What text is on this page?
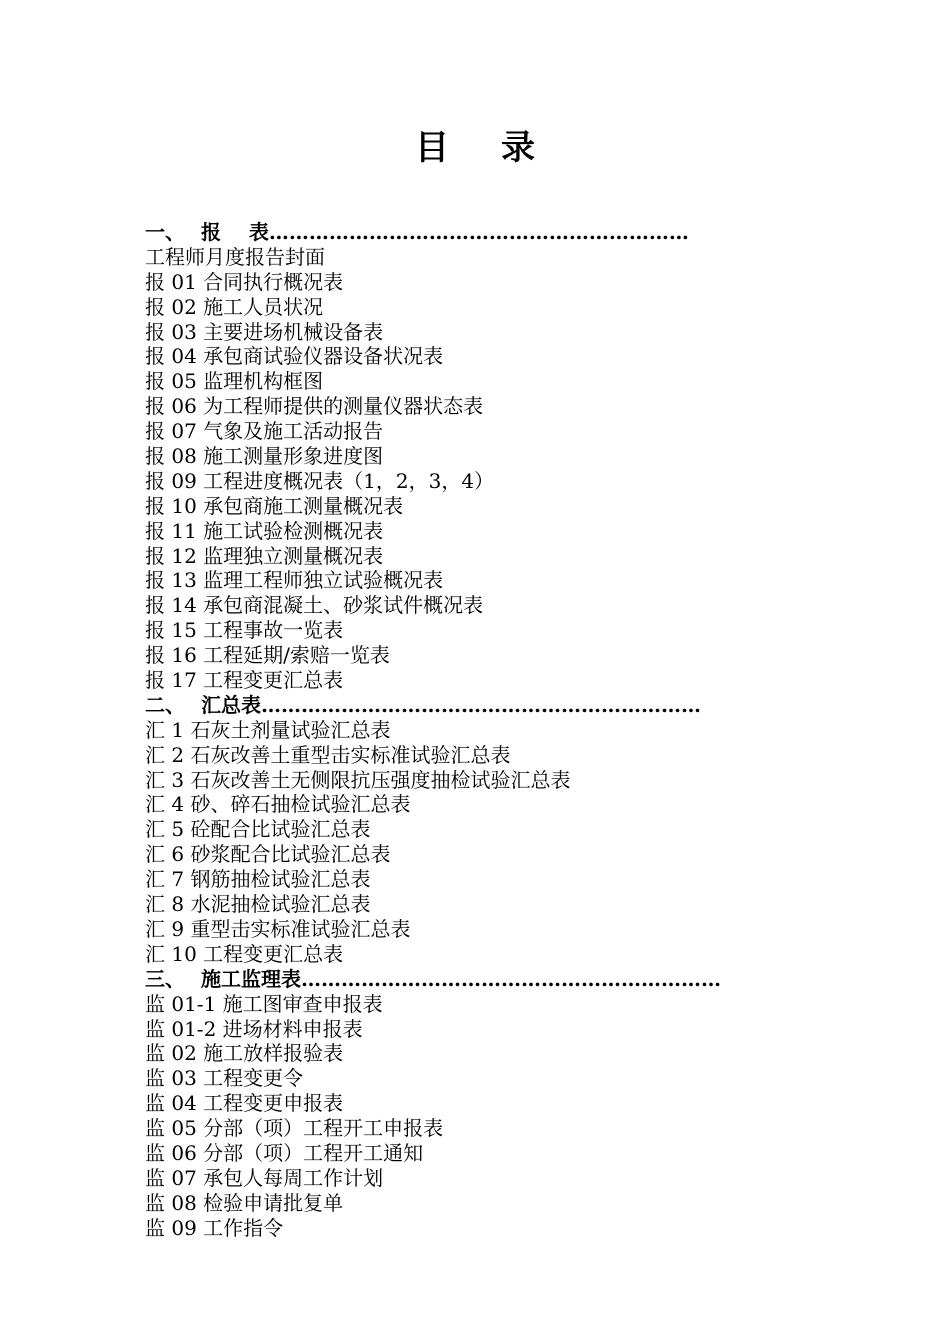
目 录
一、 报    表………………………………………………………
工程师月度报告封面
报 01 合同执行概况表
报 02 施工人员状况
报 03 主要进场机械设备表
报 04 承包商试验仪器设备状况表
报 05 监理机构框图
报 06 为工程师提供的测量仪器状态表
报 07 气象及施工活动报告
报 08 施工测量形象进度图
报 09 工程进度概况表（1，2，3，4）
报 10 承包商施工测量概况表
报 11 施工试验检测概况表
报 12 监理独立测量概况表
报 13 监理工程师独立试验概况表
报 14 承包商混凝土、砂浆试件概况表
报 15 工程事故一览表
报 16 工程延期/索赔一览表
报 17 工程变更汇总表
二、 汇总表…………………………………………………………
汇 1 石灰土剂量试验汇总表
汇 2 石灰改善土重型击实标准试验汇总表
汇 3 石灰改善土无侧限抗压强度抽检试验汇总表
汇 4 砂、碎石抽检试验汇总表
汇 5 砼配合比试验汇总表
汇 6 砂浆配合比试验汇总表
汇 7 钢筋抽检试验汇总表
汇 8 水泥抽检试验汇总表
汇 9 重型击实标准试验汇总表
汇 10 工程变更汇总表
三、 施工监理表………………………………………………………
监 01-1 施工图审查申报表
监 01-2 进场材料申报表
监 02 施工放样报验表
监 03 工程变更令
监 04 工程变更申报表
监 05 分部（项）工程开工申报表
监 06 分部（项）工程开工通知
监 07 承包人每周工作计划
监 08 检验申请批复单
监 09 工作指令
